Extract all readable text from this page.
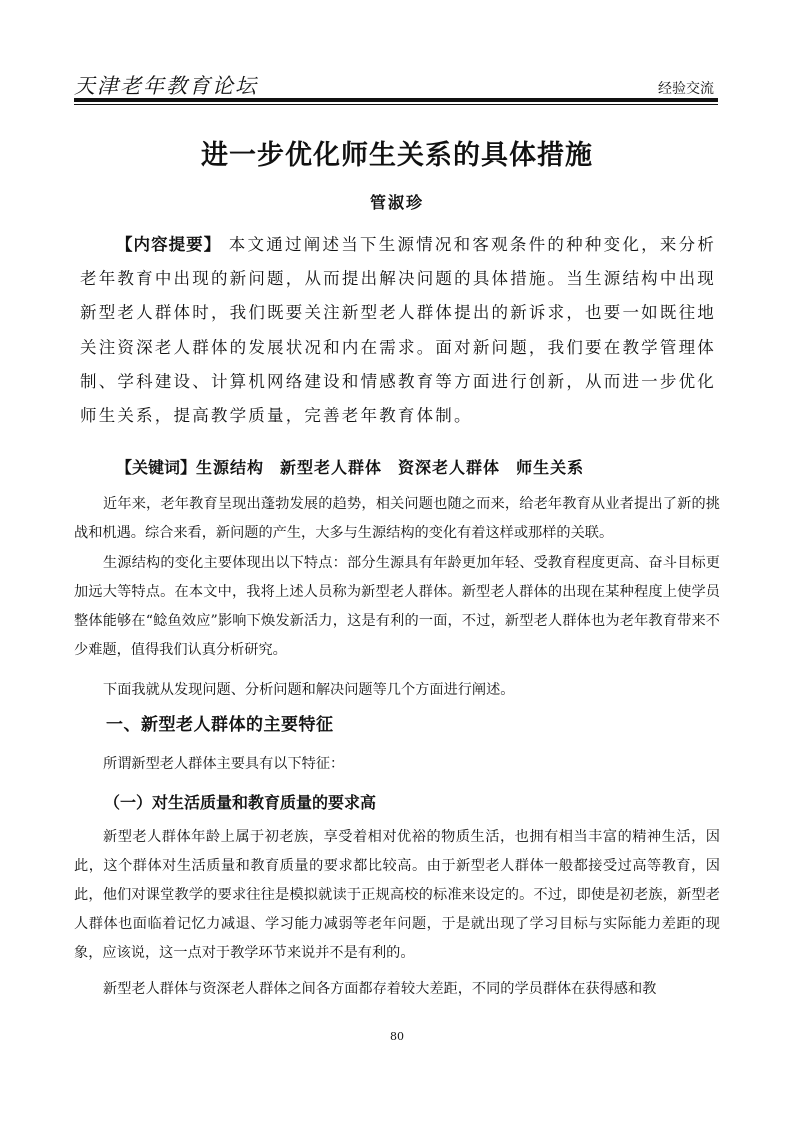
天津老年教育论坛	经验交流
进一步优化师生关系的具体措施
管淑珍

【内容提要】 本文通过阐述当下生源情况和客观条件的种种变化，来分析老年教育中出现的新问题，从而提出解决问题的具体措施。当生源结构中出现新型老人群体时，我们既要关注新型老人群体提出的新诉求，也要一如既往地关注资深老人群体的发展状况和内在需求。面对新问题，我们要在教学管理体制、学科建设、计算机网络建设和情感教育等方面进行创新，从而进一步优化师生关系，提高教学质量，完善老年教育体制。

【关键词】生源结构 新型老人群体 资深老人群体 师生关系

近年来，老年教育呈现出蓬勃发展的趋势，相关问题也随之而来，给老年教育从业者提出了新的挑战和机遇。综合来看，新问题的产生，大多与生源结构的变化有着这样或那样的关联。

生源结构的变化主要体现出以下特点：部分生源具有年龄更加年轻、受教育程度更高、奋斗目标更加远大等特点。在本文中，我将上述人员称为新型老人群体。新型老人群体的出现在某种程度上使学员整体能够在“鲶鱼效应”影响下焕发新活力，这是有利的一面，不过，新型老人群体也为老年教育带来不少难题，值得我们认真分析研究。

下面我就从发现问题、分析问题和解决问题等几个方面进行阐述。

一、新型老人群体的主要特征

所谓新型老人群体主要具有以下特征：

（一）对生活质量和教育质量的要求高

新型老人群体年龄上属于初老族，享受着相对优裕的物质生活，也拥有相当丰富的精神生活，因此，这个群体对生活质量和教育质量的要求都比较高。由于新型老人群体一般都接受过高等教育，因此，他们对课堂教学的要求往往是模拟就读于正规高校的标准来设定的。不过，即使是初老族，新型老人群体也面临着记忆力减退、学习能力减弱等老年问题，于是就出现了学习目标与实际能力差距的现象，应该说，这一点对于教学环节来说并不是有利的。

新型老人群体与资深老人群体之间各方面都存着较大差距，不同的学员群体在获得感和教

80
